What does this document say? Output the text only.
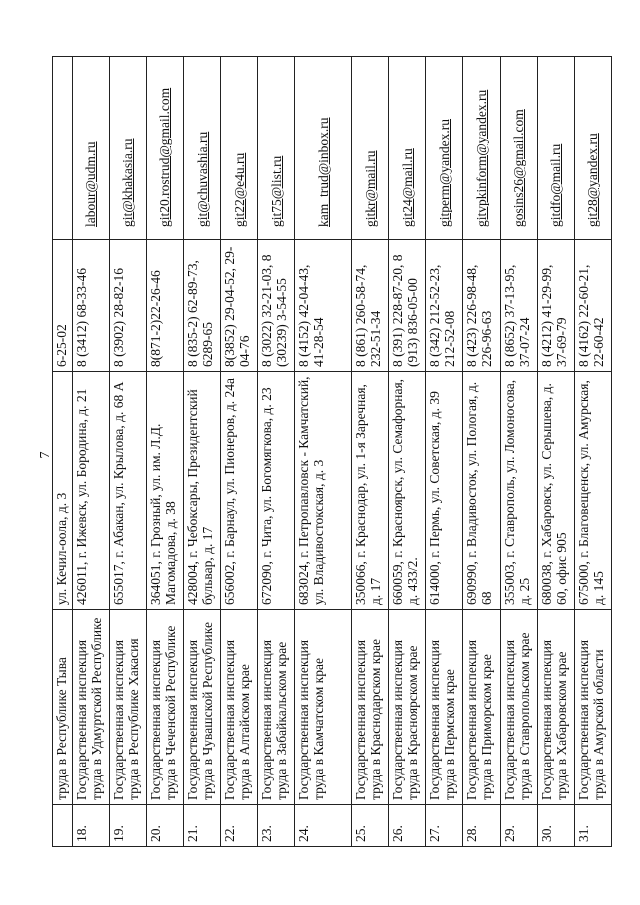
7
	труда в Республике Тыва	ул. Кечил-оола, д. 3	6-25-02	
18.	Государственная инспекция труда в Удмуртской Республике	426011, г. Ижевск, ул. Бородина, д. 21	8 (3412) 68-33-46	labour@udm.ru
19.	Государственная инспекция труда в Республике Хакасия	655017, г. Абакан, ул. Крылова, д. 68 А	8 (3902) 28-82-16	git@khakasia.ru
20.	Государственная инспекция труда в Чеченской Республике	364051, г. Грозный, ул. им. Л.Д. Магомадова, д. 38	8(871-2)22-26-46	git20.rostrud@gmail.com
21.	Государственная инспекция труда в Чувашской Республике	428004, г. Чебоксары, Президентский бульвар, д. 17	8 (835-2) 62-89-73, 6289-65	git@chuvashia.ru
22.	Государственная инспекция труда в Алтайском крае	656002, г. Барнаул, ул. Пионеров, д. 24а	8(3852) 29-04-52, 29-04-76	git22@e4u.ru
23.	Государственная инспекция труда в Забайкальском крае	672090, г. Чита, ул. Богомягкова, д. 23	8 (3022) 32-21-03, 8 (30239) 3-54-55	git75@list.ru
24.	Государственная инспекция труда в Камчатском крае	683024, г. Петропавловск - Камчатский, ул. Владивостокская, д. 3	8 (4152) 42-04-43, 41-28-54	kam_trud@inbox.ru
25.	Государственная инспекция труда в Краснодарском крае	350066, г. Краснодар, ул. 1-я Заречная, д. 17	8 (861) 260-58-74, 232-51-34	gitkr@mail.ru
26.	Государственная инспекция труда в Красноярском крае	660059, г. Красноярск, ул. Семафорная, д. 433/2.	8 (391) 228-87-20, 8 (913) 836-05-00	git24@mail.ru
27.	Государственная инспекция труда в Пермском крае	614000, г. Пермь, ул. Советская, д. 39	8 (342) 212-52-23, 212-52-08	gitperm@yandex.ru
28.	Государственная инспекция труда в Приморском крае	690990, г. Владивосток, ул. Пологая, д. 68	8 (423) 226-98-48, 226-96-63	gitvpkinform@yandex.ru
29.	Государственная инспекция труда в Ставропольском крае	355003, г. Ставрополь, ул. Ломоносова, д. 25	8 (8652) 37-13-95, 37-07-24	gosins26@gmail.com
30.	Государственная инспекция труда в Хабаровском крае	680038, г. Хабаровск, ул. Серышева, д. 60, офис 905	8 (4212) 41-29-99, 37-69-79	gitdfo@mail.ru
31.	Государственная инспекция труда в Амурской области	675000, г. Благовещенск, ул. Амурская, д. 145	8 (4162) 22-60-21, 22-60-42	git28@yandex.ru
